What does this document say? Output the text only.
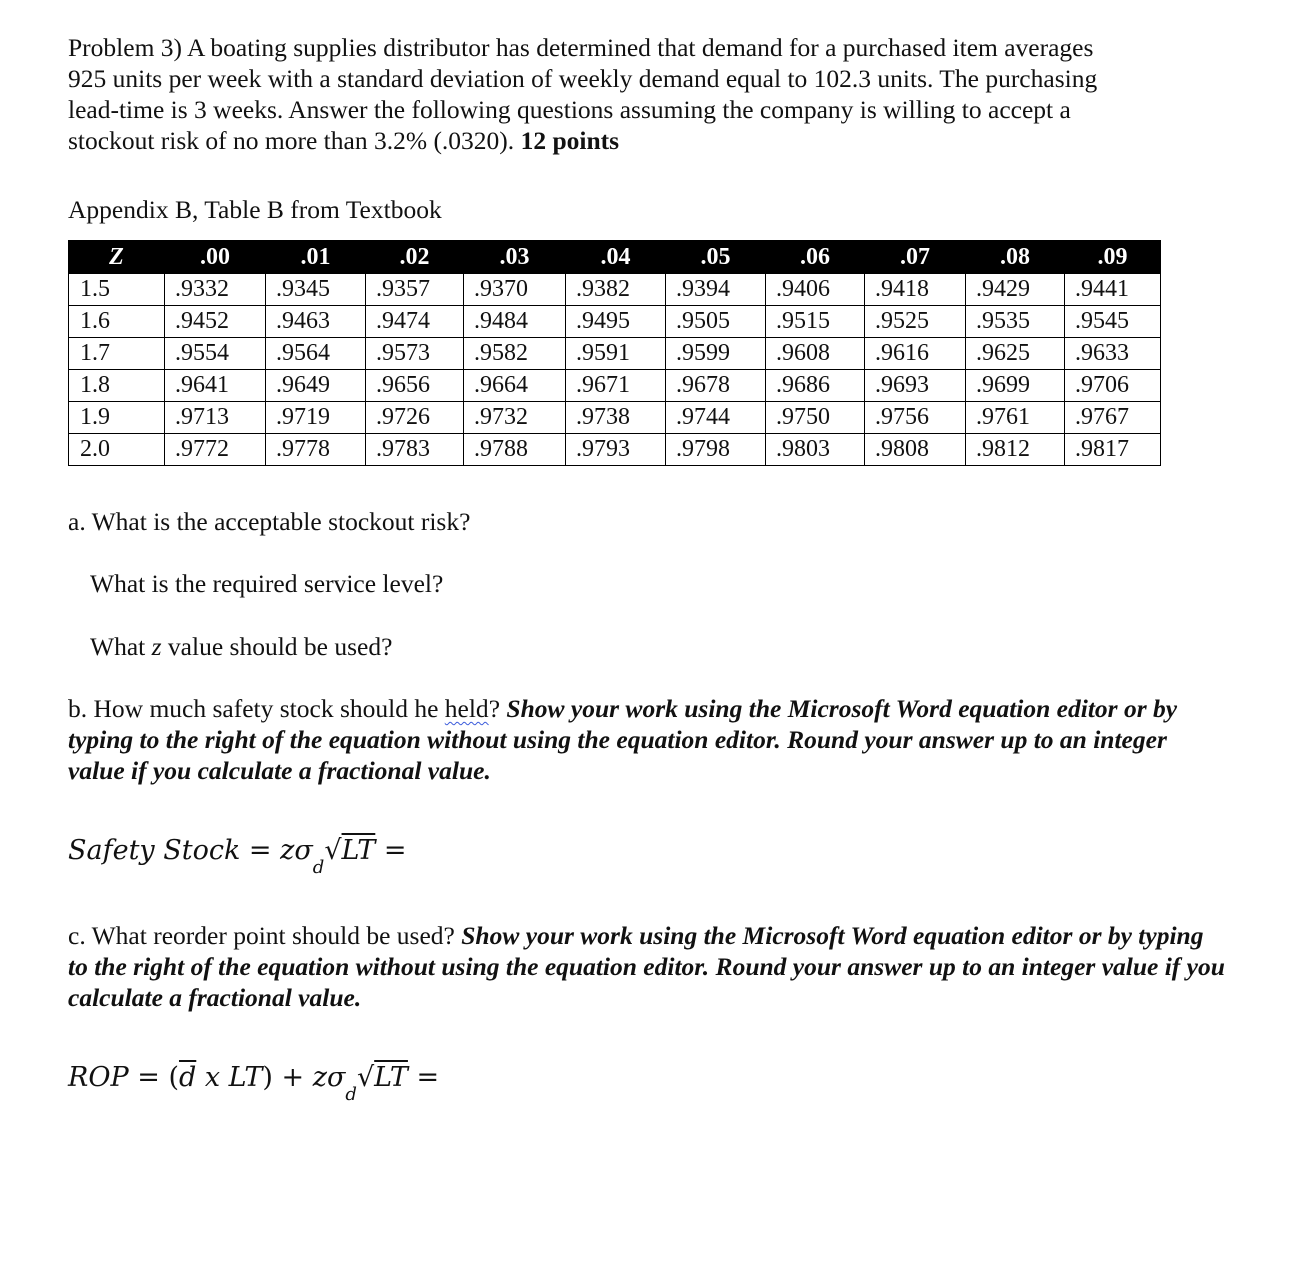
Problem 3) A boating supplies distributor has determined that demand for a purchased item averages
925 units per week with a standard deviation of weekly demand equal to 102.3 units. The purchasing
lead-time is 3 weeks. Answer the following questions assuming the company is willing to accept a
stockout risk of no more than 3.2% (.0320). 12 points
Appendix B, Table B from Textbook
Z	.00	.01	.02	.03	.04	.05	.06	.07	.08	.09
1.5	.9332	.9345	.9357	.9370	.9382	.9394	.9406	.9418	.9429	.9441
1.6	.9452	.9463	.9474	.9484	.9495	.9505	.9515	.9525	.9535	.9545
1.7	.9554	.9564	.9573	.9582	.9591	.9599	.9608	.9616	.9625	.9633
1.8	.9641	.9649	.9656	.9664	.9671	.9678	.9686	.9693	.9699	.9706
1.9	.9713	.9719	.9726	.9732	.9738	.9744	.9750	.9756	.9761	.9767
2.0	.9772	.9778	.9783	.9788	.9793	.9798	.9803	.9808	.9812	.9817
a. What is the acceptable stockout risk?
What is the required service level?
What z value should be used?
b. How much safety stock should he held? Show your work using the Microsoft Word equation editor or by typing to the right of the equation without using the equation editor. Round your answer up to an integer value if you calculate a fractional value.
Safety Stock = $z\sigma_d√LT$ =
c. What reorder point should be used? Show your work using the Microsoft Word equation editor or by typing to the right of the equation without using the equation editor. Round your answer up to an integer value if you calculate a fractional value.
ROP = ($\overline{d}$ x $LT) + z\sigma_d√LT$ =
